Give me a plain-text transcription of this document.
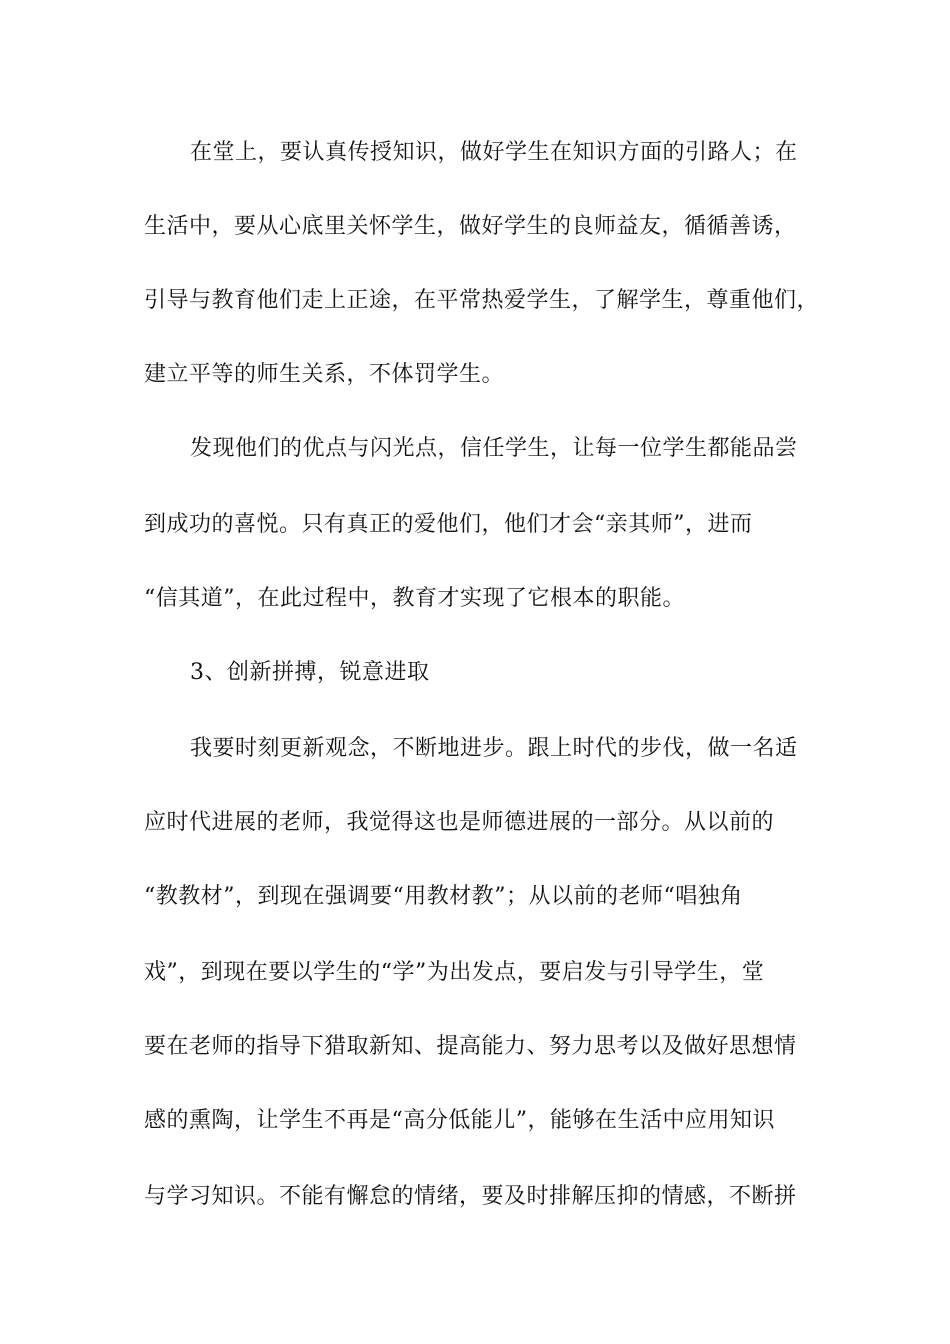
在堂上，要认真传授知识，做好学生在知识方面的引路人；在
生活中，要从心底里关怀学生，做好学生的良师益友，循循善诱，
引导与教育他们走上正途，在平常热爱学生，了解学生，尊重他们，
建立平等的师生关系，不体罚学生。
发现他们的优点与闪光点，信任学生，让每一位学生都能品尝
到成功的喜悦。只有真正的爱他们，他们才会“亲其师”，进而
“信其道”，在此过程中，教育才实现了它根本的职能。
3、创新拼搏，锐意进取
我要时刻更新观念，不断地进步。跟上时代的步伐，做一名适
应时代进展的老师，我觉得这也是师德进展的一部分。从以前的
“教教材”，到现在强调要“用教材教”；从以前的老师“唱独角
戏”，到现在要以学生的“学”为出发点，要启发与引导学生，堂
要在老师的指导下猎取新知、提高能力、努力思考以及做好思想情
感的熏陶，让学生不再是“高分低能儿”，能够在生活中应用知识
与学习知识。不能有懈怠的情绪，要及时排解压抑的情感，不断拼
